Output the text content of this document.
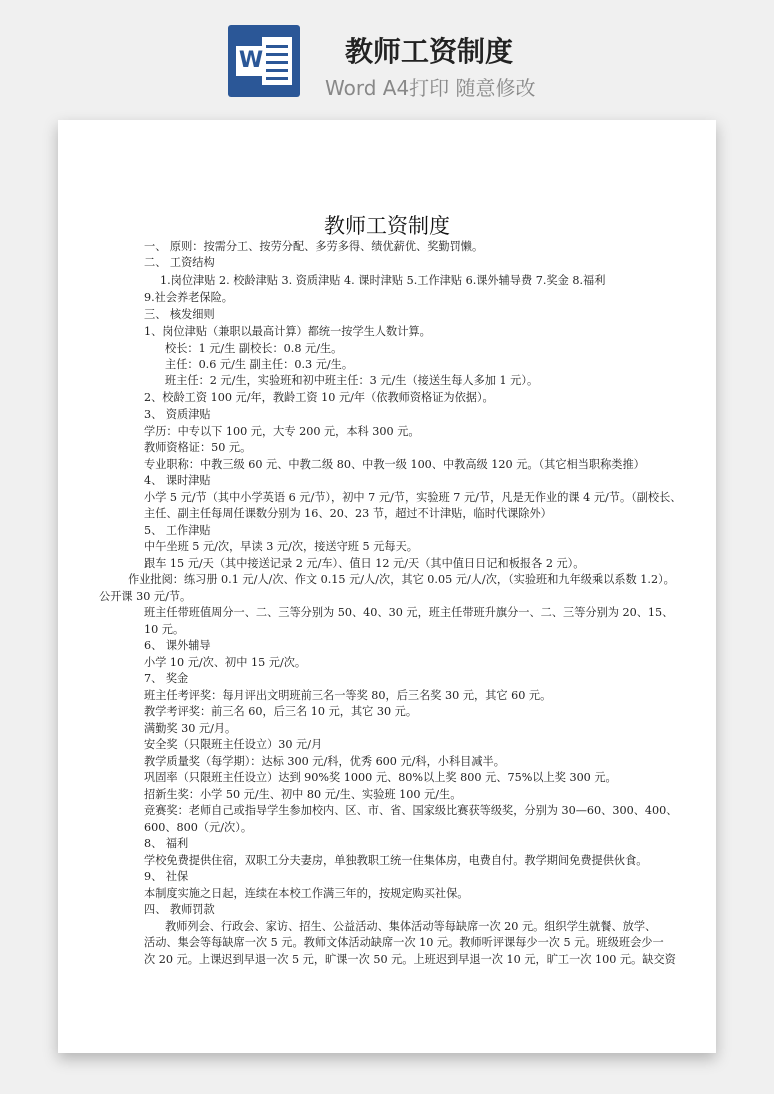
W	教师工资制度
Word A4打印 随意修改
教师工资制度
一、 原则：按需分工、按劳分配、多劳多得、绩优薪优、奖勤罚懒。
二、 工资结构
1.岗位津贴 2. 校龄津贴 3. 资质津贴 4. 课时津贴 5.工作津贴 6.课外辅导费 7.奖金 8.福利
9.社会养老保险。
三、 核发细则
1、岗位津贴（兼职以最高计算）都统一按学生人数计算。
校长：1 元/生 副校长：0.8 元/生。
主任：0.6 元/生 副主任：0.3 元/生。
班主任：2 元/生，实验班和初中班主任：3 元/生（接送生每人多加 1 元）。
2、校龄工资 100 元/年，教龄工资 10 元/年（依教师资格证为依据）。
3、 资质津贴
学历：中专以下 100 元，大专 200 元，本科 300 元。
教师资格证：50 元。
专业职称：中教三级 60 元、中教二级 80、中教一级 100、中教高级 120 元。（其它相当职称类推）
4、 课时津贴
小学 5 元/节（其中小学英语 6 元/节），初中 7 元/节，实验班 7 元/节，凡是无作业的课 4 元/节。（副校长、
主任、副主任每周任课数分别为 16、20、23 节，超过不计津贴，临时代课除外）
5、 工作津贴
中午坐班 5 元/次，早读 3 元/次，接送守班 5 元每天。
跟车 15 元/天（其中接送记录 2 元/车）、值日 12 元/天（其中值日日记和板报各 2 元）。
作业批阅：练习册 0.1 元/人/次、作文 0.15 元/人/次，其它 0.05 元/人/次，（实验班和九年级乘以系数 1.2）。
公开课 30 元/节。
班主任带班值周分一、二、三等分别为 50、40、30 元，班主任带班升旗分一、二、三等分别为 20、15、
10 元。
6、 课外辅导
小学 10 元/次、初中 15 元/次。
7、 奖金
班主任考评奖：每月评出文明班前三名一等奖 80，后三名奖 30 元，其它 60 元。
教学考评奖：前三名 60，后三名 10 元，其它 30 元。
满勤奖 30 元/月。
安全奖（只限班主任设立）30 元/月
教学质量奖（每学期）：达标 300 元/科，优秀 600 元/科，小科目减半。
巩固率（只限班主任设立）达到 90%奖 1000 元、80%以上奖 800 元、75%以上奖 300 元。
招新生奖：小学 50 元/生、初中 80 元/生、实验班 100 元/生。
竞赛奖：老师自己或指导学生参加校内、区、市、省、国家级比赛获等级奖，分别为 30—60、300、400、
600、800（元/次）。
8、 福利
学校免费提供住宿，双职工分夫妻房，单独教职工统一住集体房，电费自付。教学期间免费提供伙食。
9、 社保
本制度实施之日起，连续在本校工作满三年的，按规定购买社保。
四、 教师罚款
教师列会、行政会、家访、招生、公益活动、集体活动等每缺席一次 20 元。组织学生就餐、放学、
活动、集会等每缺席一次 5 元。教师文体活动缺席一次 10 元。教师听评课每少一次 5 元。班级班会少一
次 20 元。上课迟到早退一次 5 元，旷课一次 50 元。上班迟到早退一次 10 元，旷工一次 100 元。缺交资
